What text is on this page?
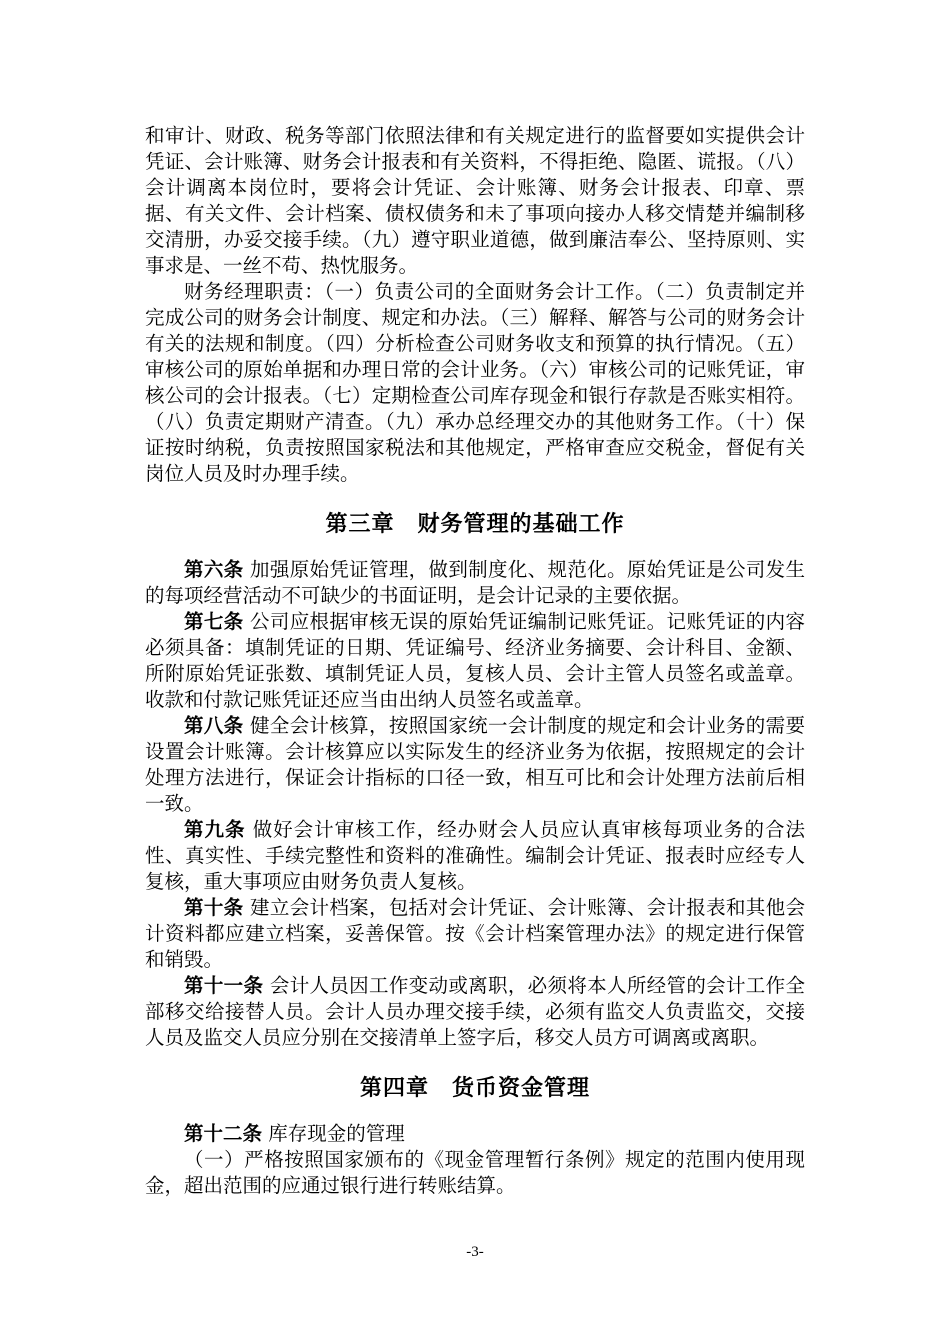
和审计、财政、税务等部门依照法律和有关规定进行的监督要如实提供会计凭证、会计账簿、财务会计报表和有关资料，不得拒绝、隐匿、谎报。（八）会计调离本岗位时，要将会计凭证、会计账簿、财务会计报表、印章、票据、有关文件、会计档案、债权债务和未了事项向接办人移交情楚并编制移交清册，办妥交接手续。（九）遵守职业道德，做到廉洁奉公、坚持原则、实事求是、一丝不苟、热忱服务。

财务经理职责：（一）负责公司的全面财务会计工作。（二）负责制定并完成公司的财务会计制度、规定和办法。（三）解释、解答与公司的财务会计有关的法规和制度。（四）分析检查公司财务收支和预算的执行情况。（五）审核公司的原始单据和办理日常的会计业务。（六）审核公司的记账凭证，审核公司的会计报表。（七）定期检查公司库存现金和银行存款是否账实相符。（八）负责定期财产清查。（九）承办总经理交办的其他财务工作。（十）保证按时纳税，负责按照国家税法和其他规定，严格审查应交税金，督促有关岗位人员及时办理手续。

第三章　财务管理的基础工作

第六条 加强原始凭证管理，做到制度化、规范化。原始凭证是公司发生的每项经营活动不可缺少的书面证明，是会计记录的主要依据。

第七条 公司应根据审核无误的原始凭证编制记账凭证。记账凭证的内容必须具备：填制凭证的日期、凭证编号、经济业务摘要、会计科目、金额、所附原始凭证张数、填制凭证人员，复核人员、会计主管人员签名或盖章。收款和付款记账凭证还应当由出纳人员签名或盖章。

第八条 健全会计核算，按照国家统一会计制度的规定和会计业务的需要设置会计账簿。会计核算应以实际发生的经济业务为依据，按照规定的会计处理方法进行，保证会计指标的口径一致，相互可比和会计处理方法前后相一致。

第九条 做好会计审核工作，经办财会人员应认真审核每项业务的合法性、真实性、手续完整性和资料的准确性。编制会计凭证、报表时应经专人复核，重大事项应由财务负责人复核。

第十条 建立会计档案，包括对会计凭证、会计账簿、会计报表和其他会计资料都应建立档案，妥善保管。按《会计档案管理办法》的规定进行保管和销毁。

第十一条 会计人员因工作变动或离职，必须将本人所经管的会计工作全部移交给接替人员。会计人员办理交接手续，必须有监交人负责监交，交接人员及监交人员应分别在交接清单上签字后，移交人员方可调离或离职。

第四章　货币资金管理

第十二条 库存现金的管理

（一）严格按照国家颁布的《现金管理暂行条例》规定的范围内使用现金，超出范围的应通过银行进行转账结算。

-3-
